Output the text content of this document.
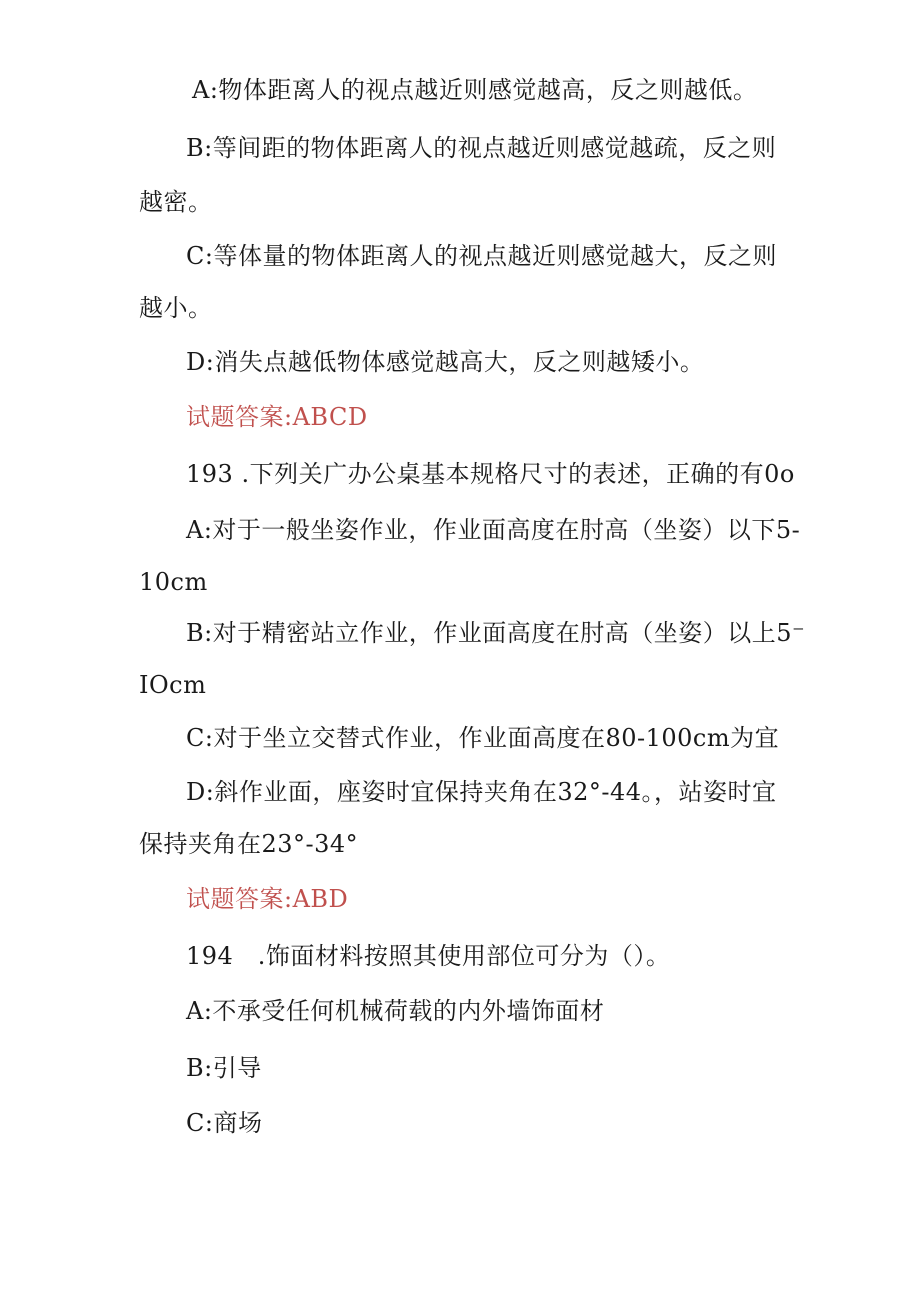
A:物体距离人的视点越近则感觉越高，反之则越低。
B:等间距的物体距离人的视点越近则感觉越疏，反之则
越密。
C:等体量的物体距离人的视点越近则感觉越大，反之则
越小。
D:消失点越低物体感觉越高大，反之则越矮小。
试题答案:ABCD
193 .下列关广办公桌基本规格尺寸的表述，正确的有0o
A:对于一般坐姿作业，作业面高度在肘高（坐姿）以下5-
10cm
B:对于精密站立作业，作业面高度在肘高（坐姿）以上5⁻
IOcm
C:对于坐立交替式作业，作业面高度在80-100cm为宜
D:斜作业面，座姿时宜保持夹角在32°-44。，站姿时宜
保持夹角在23°-34°
试题答案:ABD
194　.饰面材料按照其使用部位可分为（）。
A:不承受任何机械荷载的内外墙饰面材
B:引导
C:商场
